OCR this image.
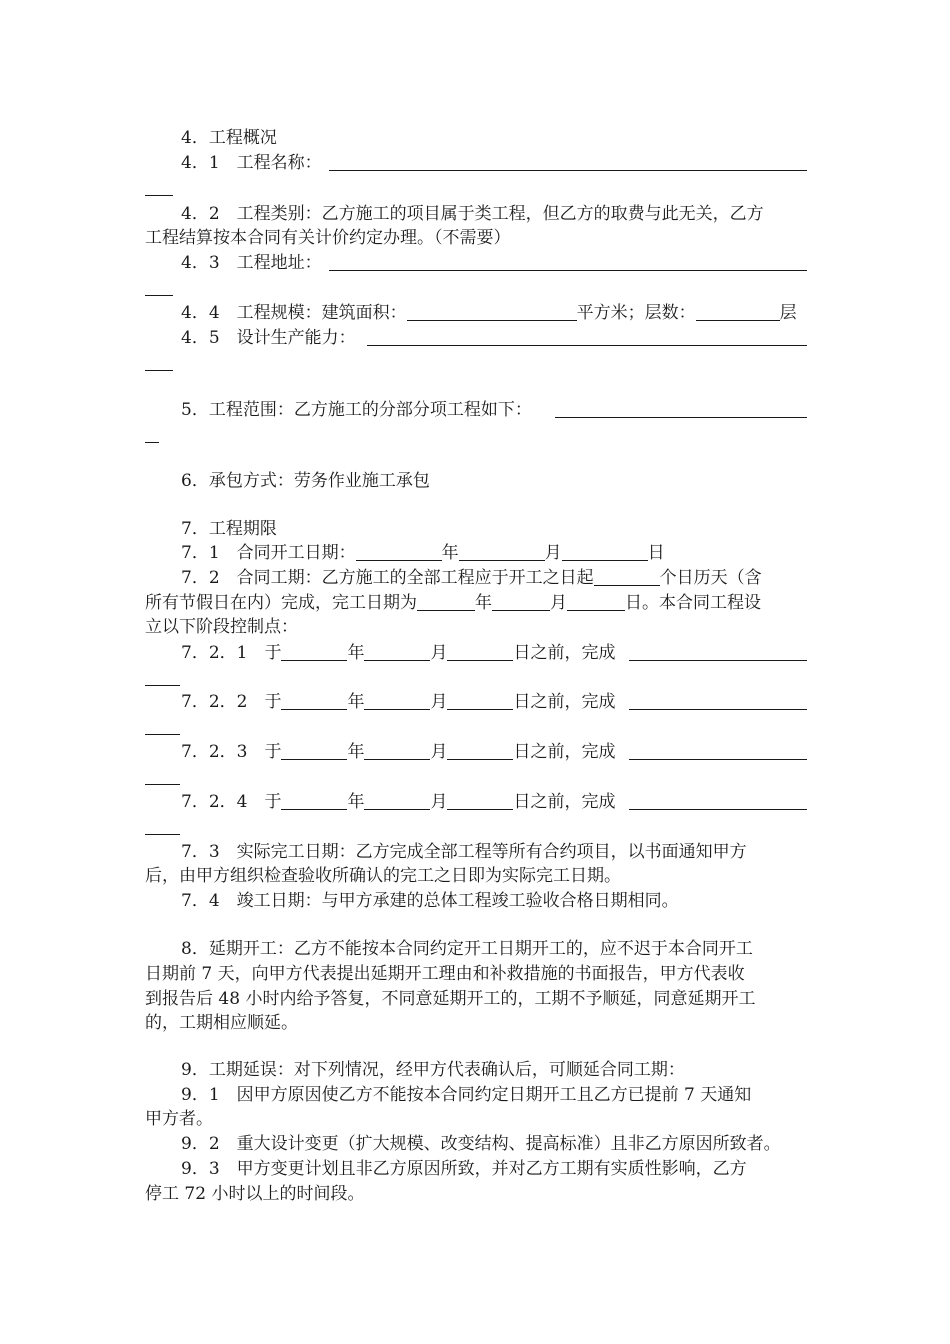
4．工程概况
4．1　工程名称：
4．2　工程类别：乙方施工的项目属于类工程，但乙方的取费与此无关，乙方
工程结算按本合同有关计价约定办理。（不需要）
4．3　工程地址：
4．4　工程规模：建筑面积：	平方米；层数：	层
4．5　设计生产能力：
5．工程范围：乙方施工的分部分项工程如下：
6．承包方式：劳务作业施工承包
7．工程期限
7．1　合同开工日期：	年	月	日
7．2　合同工期：乙方施工的全部工程应于开工之日起	个日历天（含
所有节假日在内）完成，完工日期为	年	月	日。本合同工程设
立以下阶段控制点：
7．2．1　于	年	月	日之前，完成
7．2．2　于	年	月	日之前，完成
7．2．3　于	年	月	日之前，完成
7．2．4　于	年	月	日之前，完成
7．3　实际完工日期：乙方完成全部工程等所有合约项目，以书面通知甲方
后，由甲方组织检查验收所确认的完工之日即为实际完工日期。
7．4　竣工日期：与甲方承建的总体工程竣工验收合格日期相同。
8．延期开工：乙方不能按本合同约定开工日期开工的，应不迟于本合同开工
日期前 7 天，向甲方代表提出延期开工理由和补救措施的书面报告，甲方代表收
到报告后 48 小时内给予答复，不同意延期开工的，工期不予顺延，同意延期开工
的，工期相应顺延。
9．工期延误：对下列情况，经甲方代表确认后，可顺延合同工期：
9．1　因甲方原因使乙方不能按本合同约定日期开工且乙方已提前 7 天通知
甲方者。
9．2　重大设计变更（扩大规模、改变结构、提高标准）且非乙方原因所致者。
9．3　甲方变更计划且非乙方原因所致，并对乙方工期有实质性影响，乙方
停工 72 小时以上的时间段。
